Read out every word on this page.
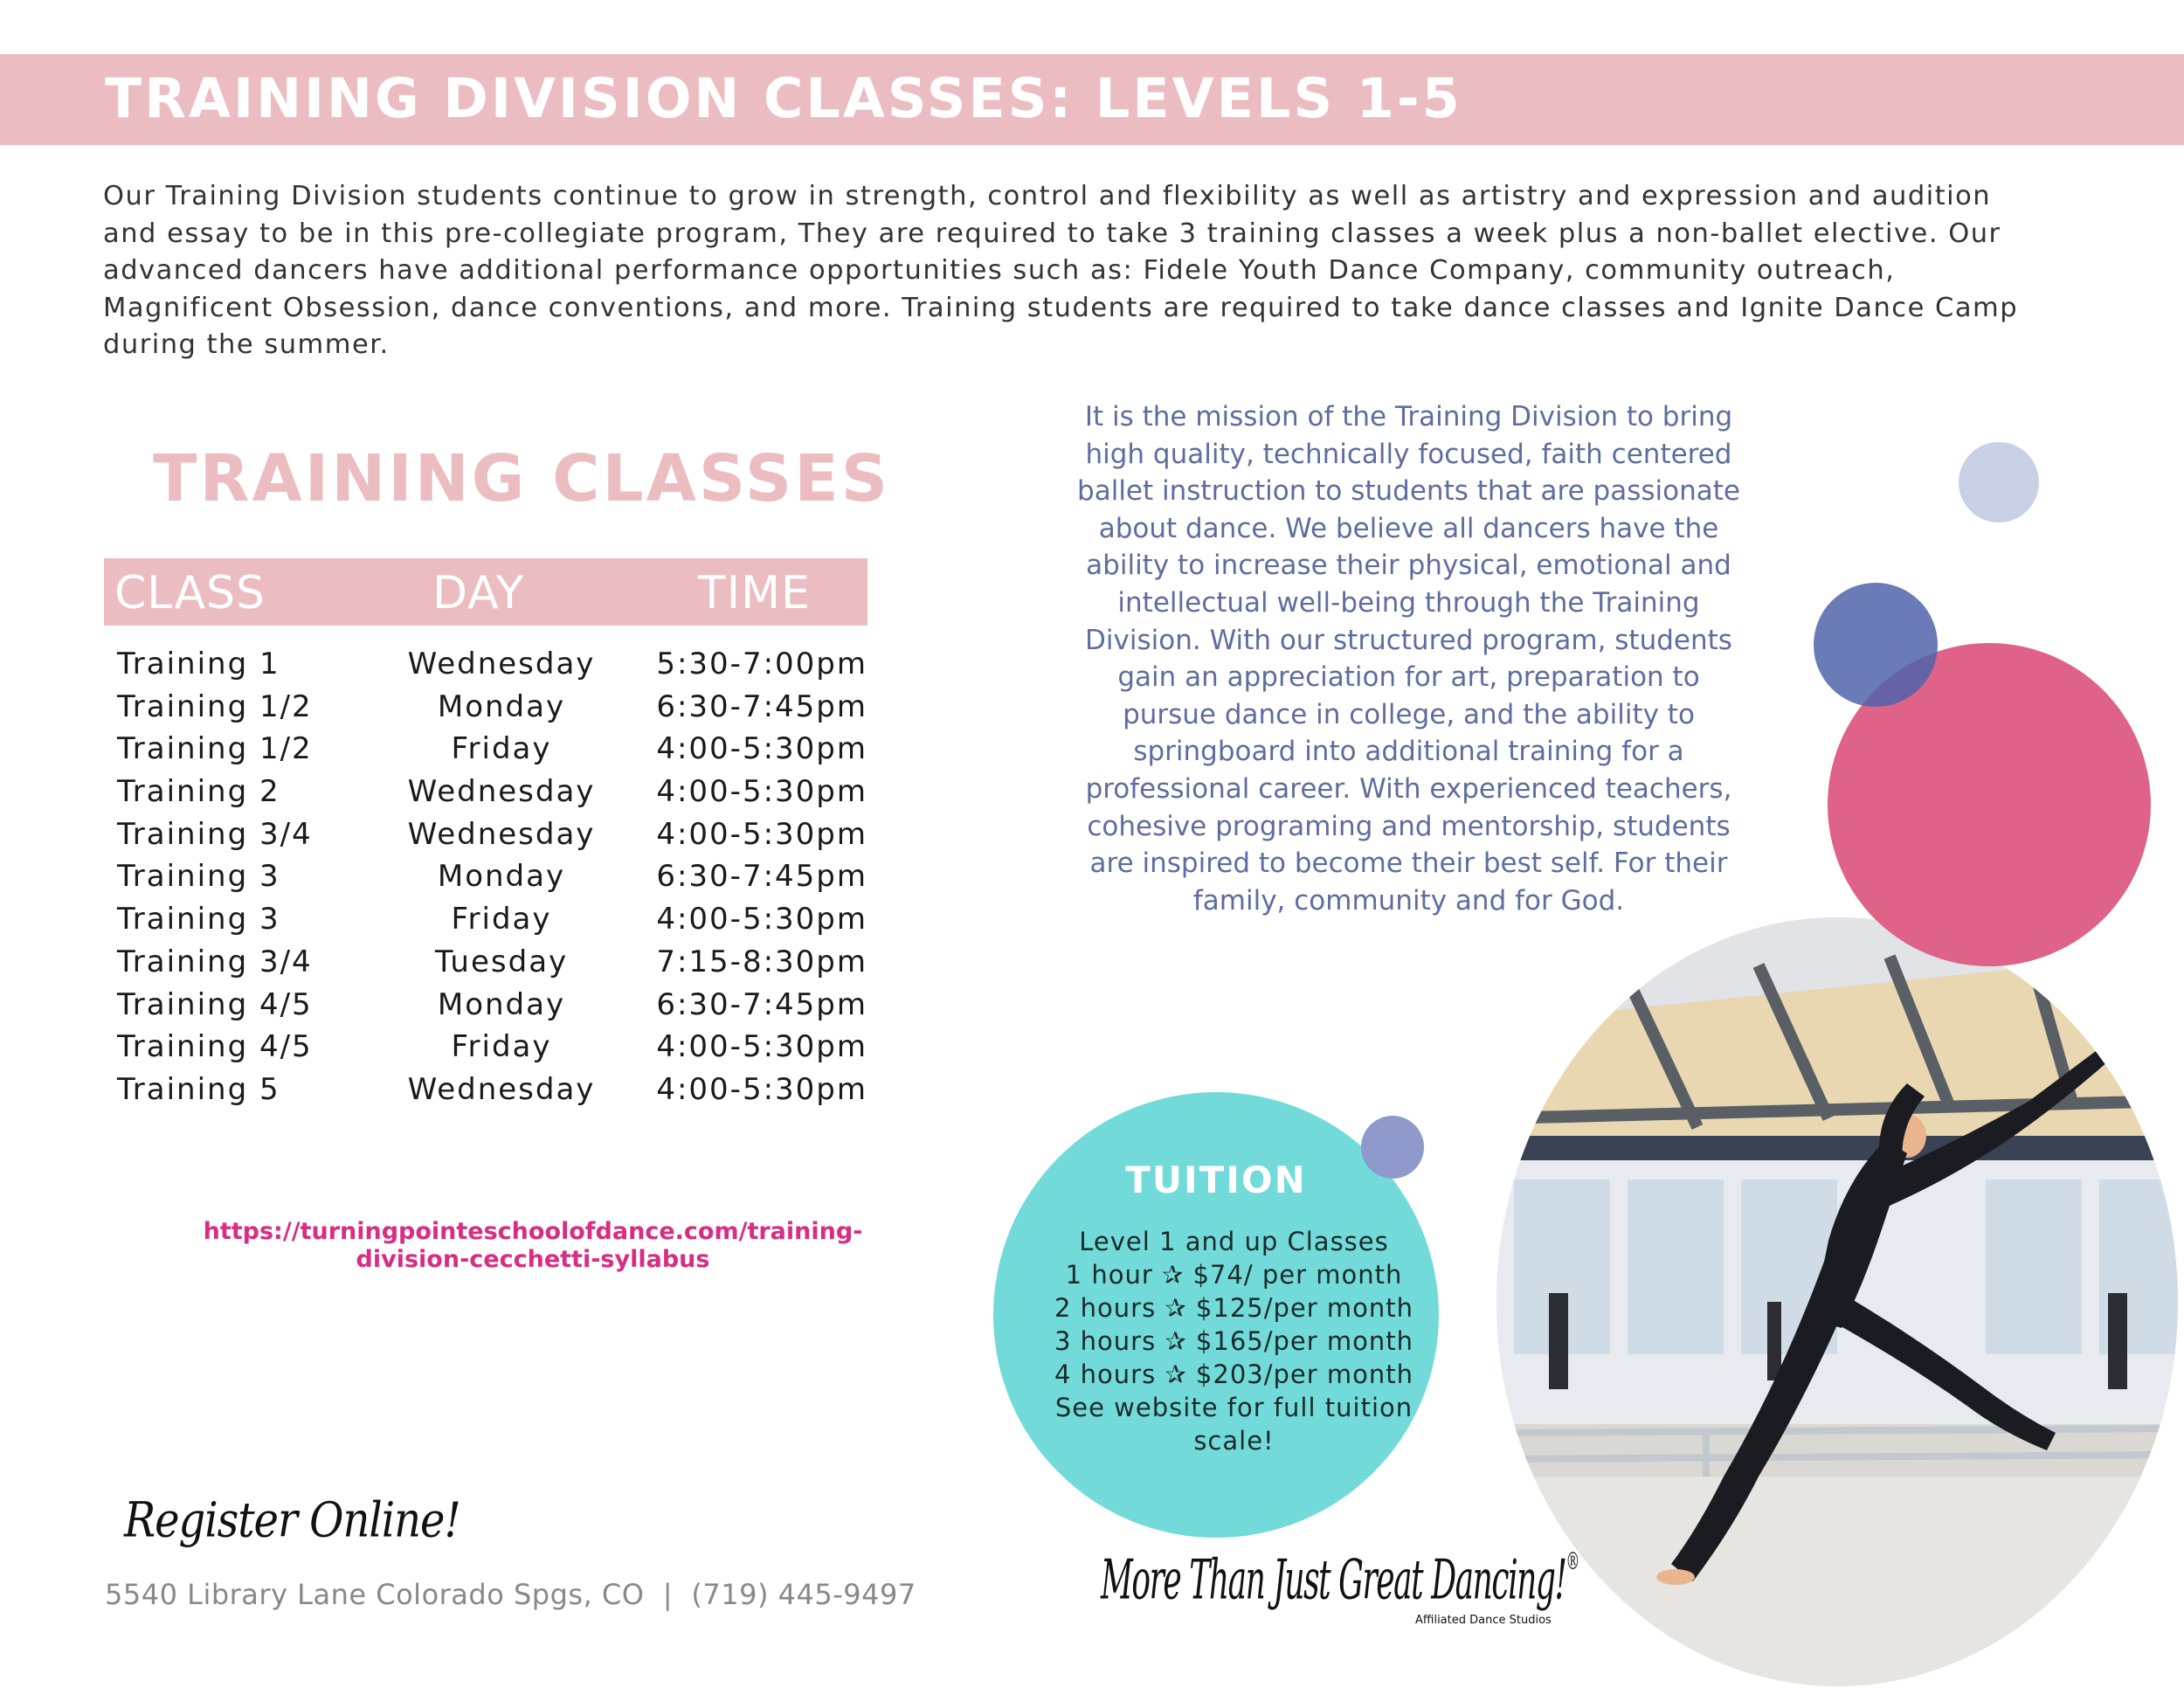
TRAINING DIVISION CLASSES: LEVELS 1-5
Our Training Division students continue to grow in strength, control and flexibility as well as artistry and expression and audition and essay to be in this pre-collegiate program, They are required to take 3 training classes a week plus a non-ballet elective. Our advanced dancers have additional performance opportunities such as: Fidele Youth Dance Company, community outreach, Magnificent Obsession, dance conventions, and more. Training students are required to take dance classes and Ignite Dance Camp during the summer.
TRAINING CLASSES
CLASS	DAY	TIME
Training 1	Wednesday	5:30-7:00pm
Training 1/2	Monday	6:30-7:45pm
Training 1/2	Friday	4:00-5:30pm
Training 2	Wednesday	4:00-5:30pm
Training 3/4	Wednesday	4:00-5:30pm
Training 3	Monday	6:30-7:45pm
Training 3	Friday	4:00-5:30pm
Training 3/4	Tuesday	7:15-8:30pm
Training 4/5	Monday	6:30-7:45pm
Training 4/5	Friday	4:00-5:30pm
Training 5	Wednesday	4:00-5:30pm
https://turningpointeschoolofdance.com/training-
division-cecchetti-syllabus
It is the mission of the Training Division to bring high quality, technically focused, faith centered ballet instruction to students that are passionate about dance. We believe all dancers have the ability to increase their physical, emotional and intellectual well-being through the Training Division. With our structured program, students gain an appreciation for art, preparation to pursue dance in college, and the ability to springboard into additional training for a professional career. With experienced teachers, cohesive programing and mentorship, students are inspired to become their best self. For their family, community and for God.
TUITION
Level 1 and up Classes
1 hour ✰ $74/ per month
2 hours ✰ $125/per month
3 hours ✰ $165/per month
4 hours ✰ $203/per month
See website for full tuition
scale!
Register Online!
5540 Library Lane Colorado Spgs, CO  |  (719) 445-9497	More Than Just Great Dancing!®
Affiliated Dance Studios
